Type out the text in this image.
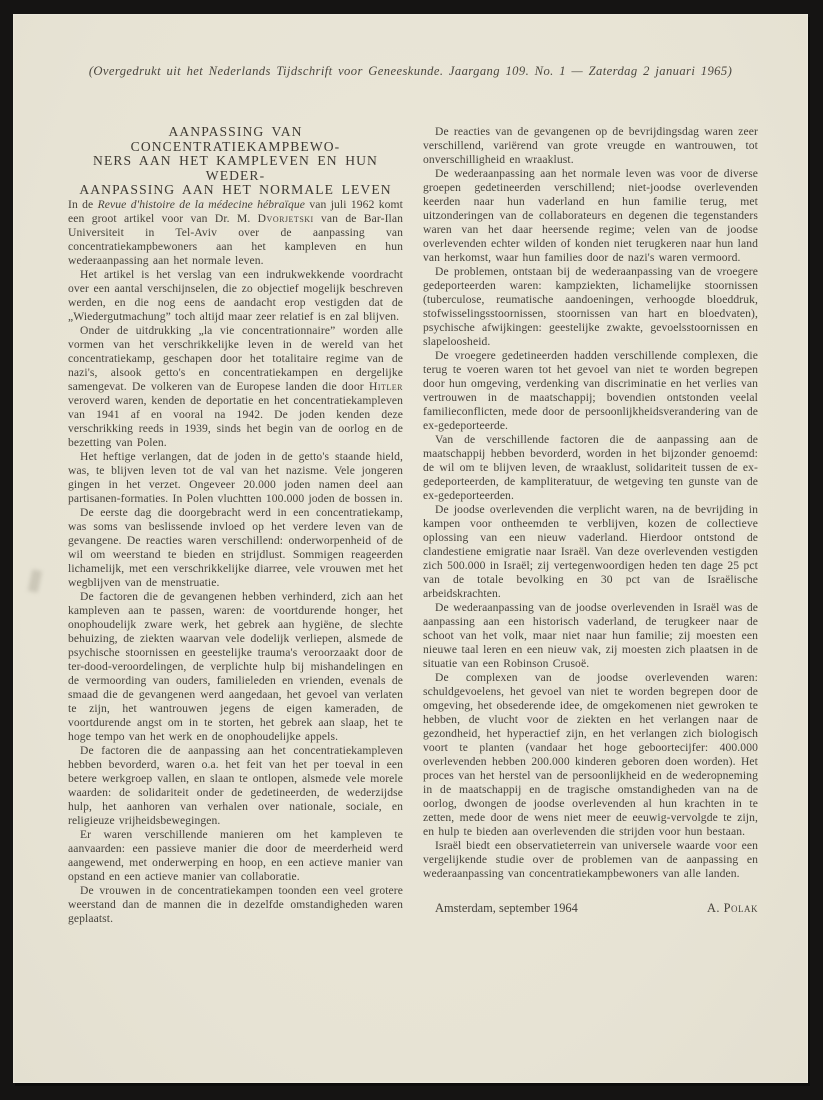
(Overgedrukt uit het Nederlands Tijdschrift voor Geneeskunde. Jaargang 109. No. 1 — Zaterdag 2 januari 1965)
AANPASSING VAN CONCENTRATIEKAMPBEWO-
NERS AAN HET KAMPLEVEN EN HUN WEDER-
AANPASSING AAN HET NORMALE LEVEN

In de Revue d'histoire de la médecine hébraïque van juli 1962 komt een groot artikel voor van Dr. M. Dvorjetski van de Bar-Ilan Universiteit in Tel-Aviv over de aanpassing van concentratiekampbewoners aan het kampleven en hun wederaanpassing aan het normale leven.

Het artikel is het verslag van een indrukwekkende voordracht over een aantal verschijnselen, die zo objectief mogelijk beschreven werden, en die nog eens de aandacht erop vestigden dat de „Wiedergutmachung” toch altijd maar zeer relatief is en zal blijven.

Onder de uitdrukking „la vie concentrationnaire” worden alle vormen van het verschrikkelijke leven in de wereld van het concentratiekamp, geschapen door het totalitaire regime van de nazi's, alsook getto's en concentratiekampen en dergelijke samengevat. De volkeren van de Europese landen die door Hitler veroverd waren, kenden de deportatie en het concentratiekampleven van 1941 af en vooral na 1942. De joden kenden deze verschrikking reeds in 1939, sinds het begin van de oorlog en de bezetting van Polen.

Het heftige verlangen, dat de joden in de getto's staande hield, was, te blijven leven tot de val van het nazisme. Vele jongeren gingen in het verzet. Ongeveer 20.000 joden namen deel aan partisanen-formaties. In Polen vluchtten 100.000 joden de bossen in.

De eerste dag die doorgebracht werd in een concentratiekamp, was soms van beslissende invloed op het verdere leven van de gevangene. De reacties waren verschillend: onderworpenheid of de wil om weerstand te bieden en strijdlust. Sommigen reageerden lichamelijk, met een verschrikkelijke diarree, vele vrouwen met het wegblijven van de menstruatie.

De factoren die de gevangenen hebben verhinderd, zich aan het kampleven aan te passen, waren: de voortdurende honger, het onophoudelijk zware werk, het gebrek aan hygiëne, de slechte behuizing, de ziekten waarvan vele dodelijk verliepen, alsmede de psychische stoornissen en geestelijke trauma's veroorzaakt door de ter-dood-veroordelingen, de verplichte hulp bij mishandelingen en de vermoording van ouders, familieleden en vrienden, evenals de smaad die de gevangenen werd aangedaan, het gevoel van verlaten te zijn, het wantrouwen jegens de eigen kameraden, de voortdurende angst om in te storten, het gebrek aan slaap, het te hoge tempo van het werk en de onophoudelijke appels.

De factoren die de aanpassing aan het concentratiekampleven hebben bevorderd, waren o.a. het feit van het per toeval in een betere werkgroep vallen, en slaan te ontlopen, alsmede vele morele waarden: de solidariteit onder de gedetineerden, de wederzijdse hulp, het aanhoren van verhalen over nationale, sociale, en religieuze vrijheidsbewegingen.

Er waren verschillende manieren om het kampleven te aanvaarden: een passieve manier die door de meerderheid werd aangewend, met onderwerping en hoop, en een actieve manier van opstand en een actieve manier van collaboratie.

De vrouwen in de concentratiekampen toonden een veel grotere weerstand dan de mannen die in dezelfde omstandigheden waren geplaatst.

De reacties van de gevangenen op de bevrijdingsdag waren zeer verschillend, variërend van grote vreugde en wantrouwen, tot onverschilligheid en wraaklust.

De wederaanpassing aan het normale leven was voor de diverse groepen gedetineerden verschillend; niet-joodse overlevenden keerden naar hun vaderland en hun familie terug, met uitzonderingen van de collaborateurs en degenen die tegenstanders waren van het daar heersende regime; velen van de joodse overlevenden echter wilden of konden niet terugkeren naar hun land van herkomst, waar hun families door de nazi's waren vermoord.

De problemen, ontstaan bij de wederaanpassing van de vroegere gedeporteerden waren: kampziekten, lichamelijke stoornissen (tuberculose, reumatische aandoeningen, verhoogde bloeddruk, stofwisselingsstoornissen, stoornissen van hart en bloedvaten), psychische afwijkingen: geestelijke zwakte, gevoelsstoornissen en slapeloosheid.

De vroegere gedetineerden hadden verschillende complexen, die terug te voeren waren tot het gevoel van niet te worden begrepen door hun omgeving, verdenking van discriminatie en het verlies van vertrouwen in de maatschappij; bovendien ontstonden veelal familieconflicten, mede door de persoonlijkheidsverandering van de ex-gedeporteerde.

Van de verschillende factoren die de aanpassing aan de maatschappij hebben bevorderd, worden in het bijzonder genoemd: de wil om te blijven leven, de wraaklust, solidariteit tussen de ex-gedeporteerden, de kampliteratuur, de wetgeving ten gunste van de ex-gedeporteerden.

De joodse overlevenden die verplicht waren, na de bevrijding in kampen voor ontheemden te verblijven, kozen de collectieve oplossing van een nieuw vaderland. Hierdoor ontstond de clandestiene emigratie naar Israël. Van deze overlevenden vestigden zich 500.000 in Israël; zij vertegenwoordigen heden ten dage 25 pct van de totale bevolking en 30 pct van de Israëlische arbeidskrachten.

De wederaanpassing van de joodse overlevenden in Israël was de aanpassing aan een historisch vaderland, de terugkeer naar de schoot van het volk, maar niet naar hun familie; zij moesten een nieuwe taal leren en een nieuw vak, zij moesten zich plaatsen in de situatie van een Robinson Crusoë.

De complexen van de joodse overlevenden waren: schuldgevoelens, het gevoel van niet te worden begrepen door de omgeving, het obsederende idee, de omgekomenen niet gewroken te hebben, de vlucht voor de ziekten en het verlangen naar de gezondheid, het hyperactief zijn, en het verlangen zich biologisch voort te planten (vandaar het hoge geboortecijfer: 400.000 overlevenden hebben 200.000 kinderen geboren doen worden). Het proces van het herstel van de persoonlijkheid en de wederopneming in de maatschappij en de tragische omstandigheden van na de oorlog, dwongen de joodse overlevenden al hun krachten in te zetten, mede door de wens niet meer de eeuwig-vervolgde te zijn, en hulp te bieden aan overlevenden die strijden voor hun bestaan.

Israël biedt een observatieterrein van universele waarde voor een vergelijkende studie over de problemen van de aanpassing en wederaanpassing van concentratiekampbewoners van alle landen.

Amsterdam, september 1964	A. Polak
